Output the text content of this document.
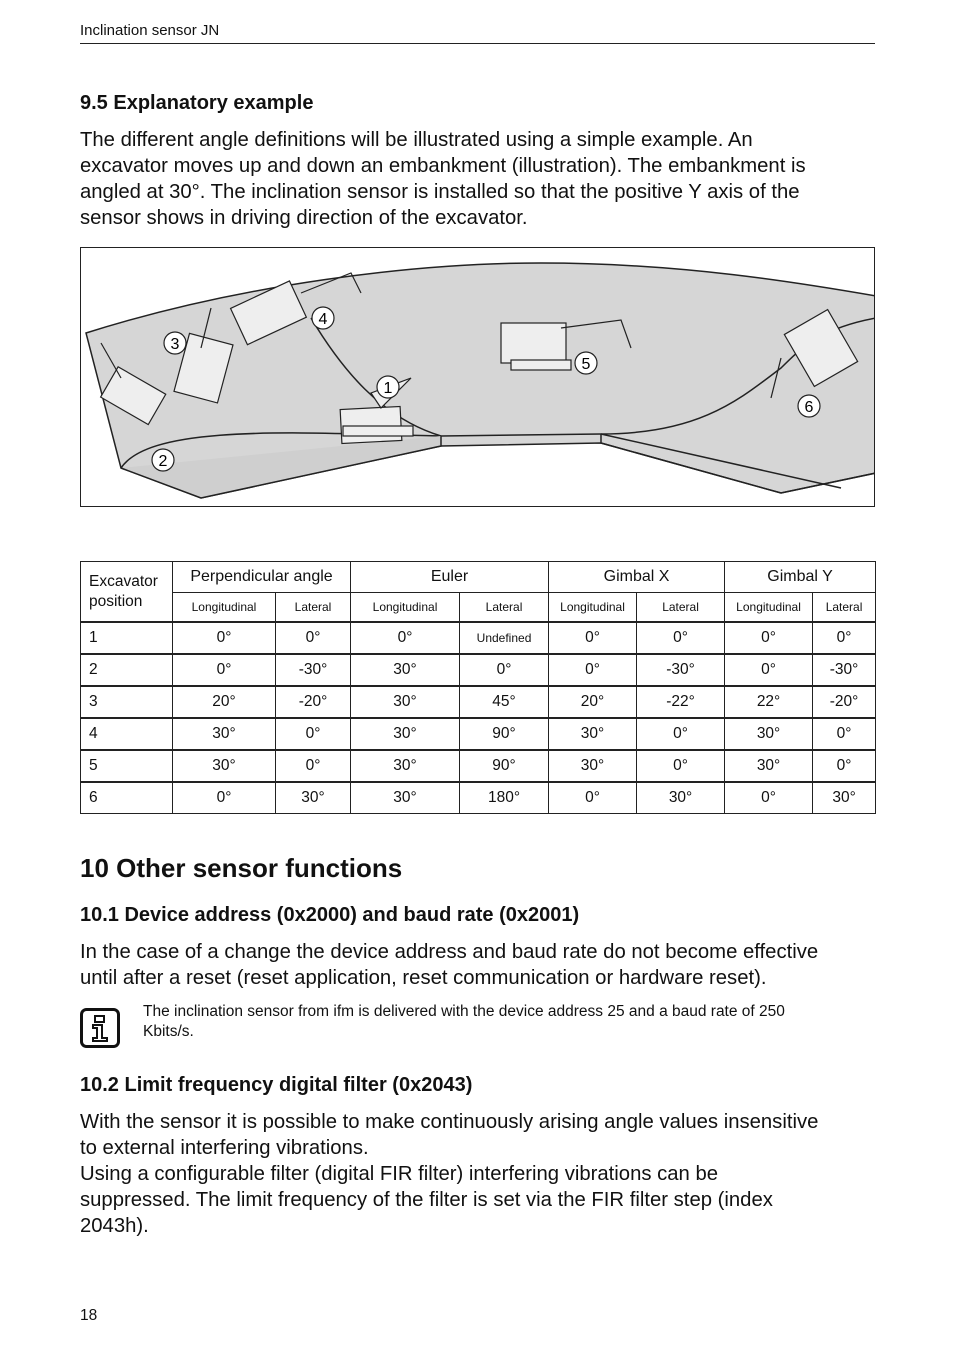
Inclination sensor JN
9.5 Explanatory example
The different angle definitions will be illustrated using a simple example. An
excavator moves up and down an embankment (illustration). The embankment is
angled at 30°. The inclination sensor is installed so that the positive Y axis of the
sensor shows in driving direction of the excavator.
1
2
3
4
5
6
Excavator
position	Perpendicular angle		Euler		Gimbal X		Gimbal Y	
	Longitudinal	Lateral	Longitudinal	Lateral	Longitudinal	Lateral	Longitudinal	Lateral
1	0°	0°	0°	Undefined	0°	0°	0°	0°
2	0°	-30°	30°	0°	0°	-30°	0°	-30°
3	20°	-20°	30°	45°	20°	-22°	22°	-20°
4	30°	0°	30°	90°	30°	0°	30°	0°
5	30°	0°	30°	90°	30°	0°	30°	0°
6	0°	30°	30°	180°	0°	30°	0°	30°
10 Other sensor functions
10.1 Device address (0x2000) and baud rate (0x2001)
In the case of a change the device address and baud rate do not become effective
until after a reset (reset application, reset communication or hardware reset).
The inclination sensor from ifm is delivered with the device address 25 and a baud rate of 250
Kbits/s.
10.2 Limit frequency digital filter (0x2043)
With the sensor it is possible to make continuously arising angle values insensitive
to external interfering vibrations.
Using a configurable filter (digital FIR filter) interfering vibrations can be
suppressed. The limit frequency of the filter is set via the FIR filter step (index
2043h).
18
